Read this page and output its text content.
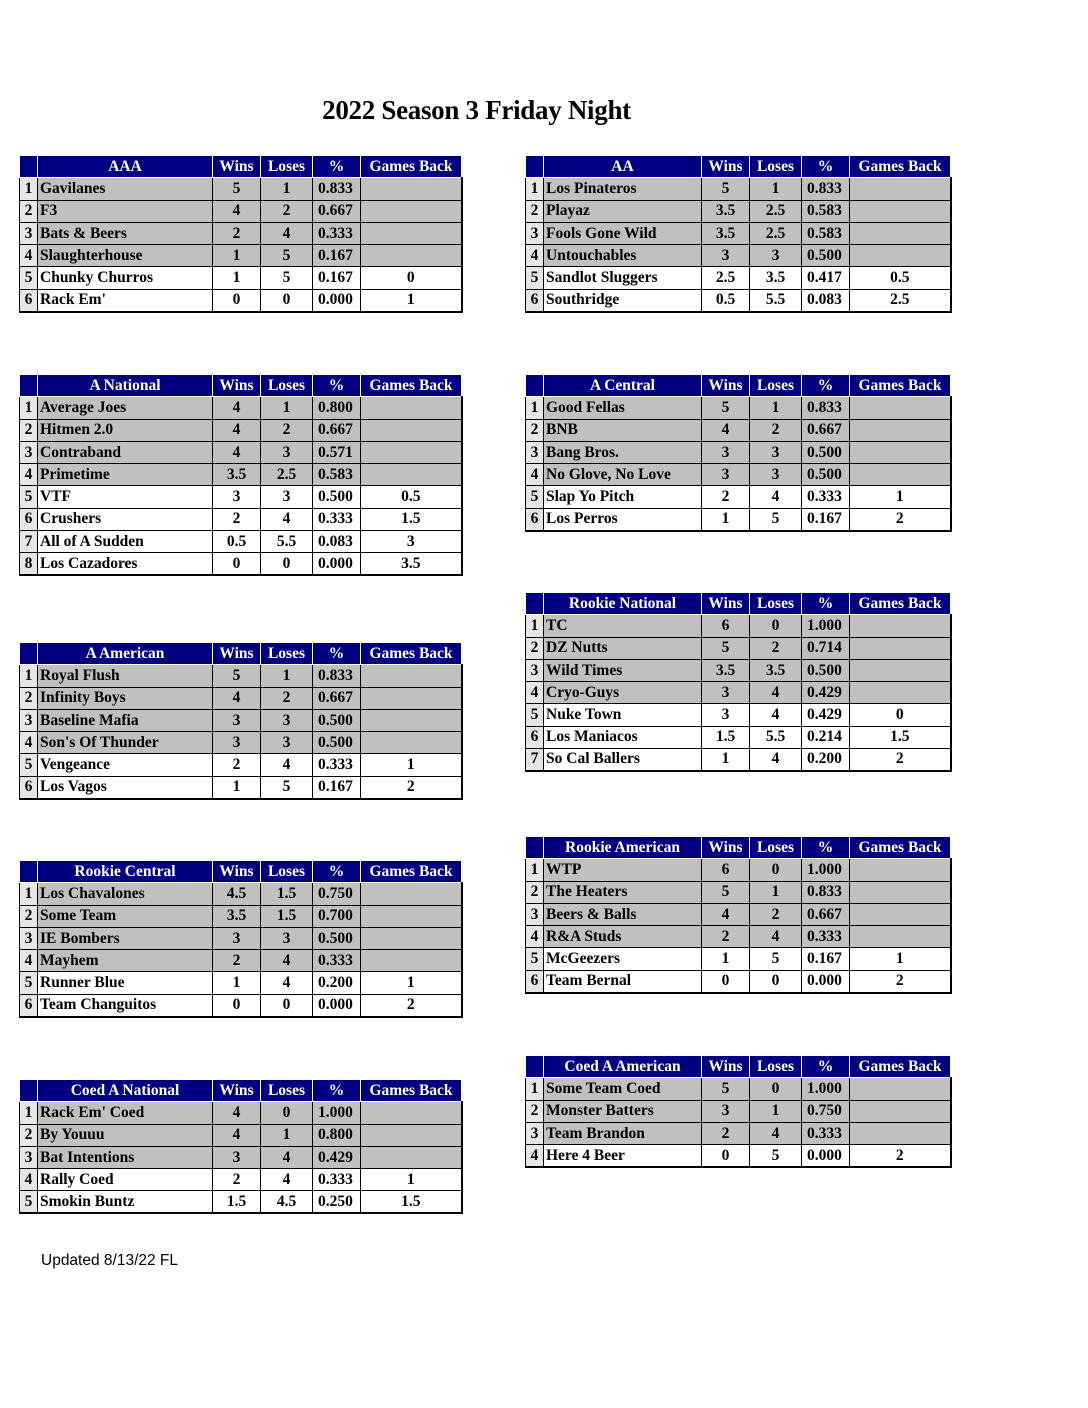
2022 Season 3 Friday Night
	AAA	Wins	Loses	%	Games Back
1	Gavilanes	5	1	0.833	
2	F3	4	2	0.667	
3	Bats & Beers	2	4	0.333	
4	Slaughterhouse	1	5	0.167	
5	Chunky Churros	1	5	0.167	0
6	Rack Em'	0	0	0.000	1
	AA	Wins	Loses	%	Games Back
1	Los Pinateros	5	1	0.833	
2	Playaz	3.5	2.5	0.583	
3	Fools Gone Wild	3.5	2.5	0.583	
4	Untouchables	3	3	0.500	
5	Sandlot Sluggers	2.5	3.5	0.417	0.5
6	Southridge	0.5	5.5	0.083	2.5
	A National	Wins	Loses	%	Games Back
1	Average Joes	4	1	0.800	
2	Hitmen 2.0	4	2	0.667	
3	Contraband	4	3	0.571	
4	Primetime	3.5	2.5	0.583	
5	VTF	3	3	0.500	0.5
6	Crushers	2	4	0.333	1.5
7	All of A Sudden	0.5	5.5	0.083	3
8	Los Cazadores	0	0	0.000	3.5
	A Central	Wins	Loses	%	Games Back
1	Good Fellas	5	1	0.833	
2	BNB	4	2	0.667	
3	Bang Bros.	3	3	0.500	
4	No Glove, No Love	3	3	0.500	
5	Slap Yo Pitch	2	4	0.333	1
6	Los Perros	1	5	0.167	2
	Rookie National	Wins	Loses	%	Games Back
1	TC	6	0	1.000	
2	DZ Nutts	5	2	0.714	
3	Wild Times	3.5	3.5	0.500	
4	Cryo-Guys	3	4	0.429	
5	Nuke Town	3	4	0.429	0
6	Los Maniacos	1.5	5.5	0.214	1.5
7	So Cal Ballers	1	4	0.200	2
	A American	Wins	Loses	%	Games Back
1	Royal Flush	5	1	0.833	
2	Infinity Boys	4	2	0.667	
3	Baseline Mafia	3	3	0.500	
4	Son's Of Thunder	3	3	0.500	
5	Vengeance	2	4	0.333	1
6	Los Vagos	1	5	0.167	2
	Rookie American	Wins	Loses	%	Games Back
1	WTP	6	0	1.000	
2	The Heaters	5	1	0.833	
3	Beers & Balls	4	2	0.667	
4	R&A Studs	2	4	0.333	
5	McGeezers	1	5	0.167	1
6	Team Bernal	0	0	0.000	2
	Rookie Central	Wins	Loses	%	Games Back
1	Los Chavalones	4.5	1.5	0.750	
2	Some Team	3.5	1.5	0.700	
3	IE Bombers	3	3	0.500	
4	Mayhem	2	4	0.333	
5	Runner Blue	1	4	0.200	1
6	Team Changuitos	0	0	0.000	2
	Coed A American	Wins	Loses	%	Games Back
1	Some Team Coed	5	0	1.000	
2	Monster Batters	3	1	0.750	
3	Team Brandon	2	4	0.333	
4	Here 4 Beer	0	5	0.000	2
	Coed A National	Wins	Loses	%	Games Back
1	Rack Em' Coed	4	0	1.000	
2	By Youuu	4	1	0.800	
3	Bat Intentions	3	4	0.429	
4	Rally Coed	2	4	0.333	1
5	Smokin Buntz	1.5	4.5	0.250	1.5
Updated 8/13/22 FL
